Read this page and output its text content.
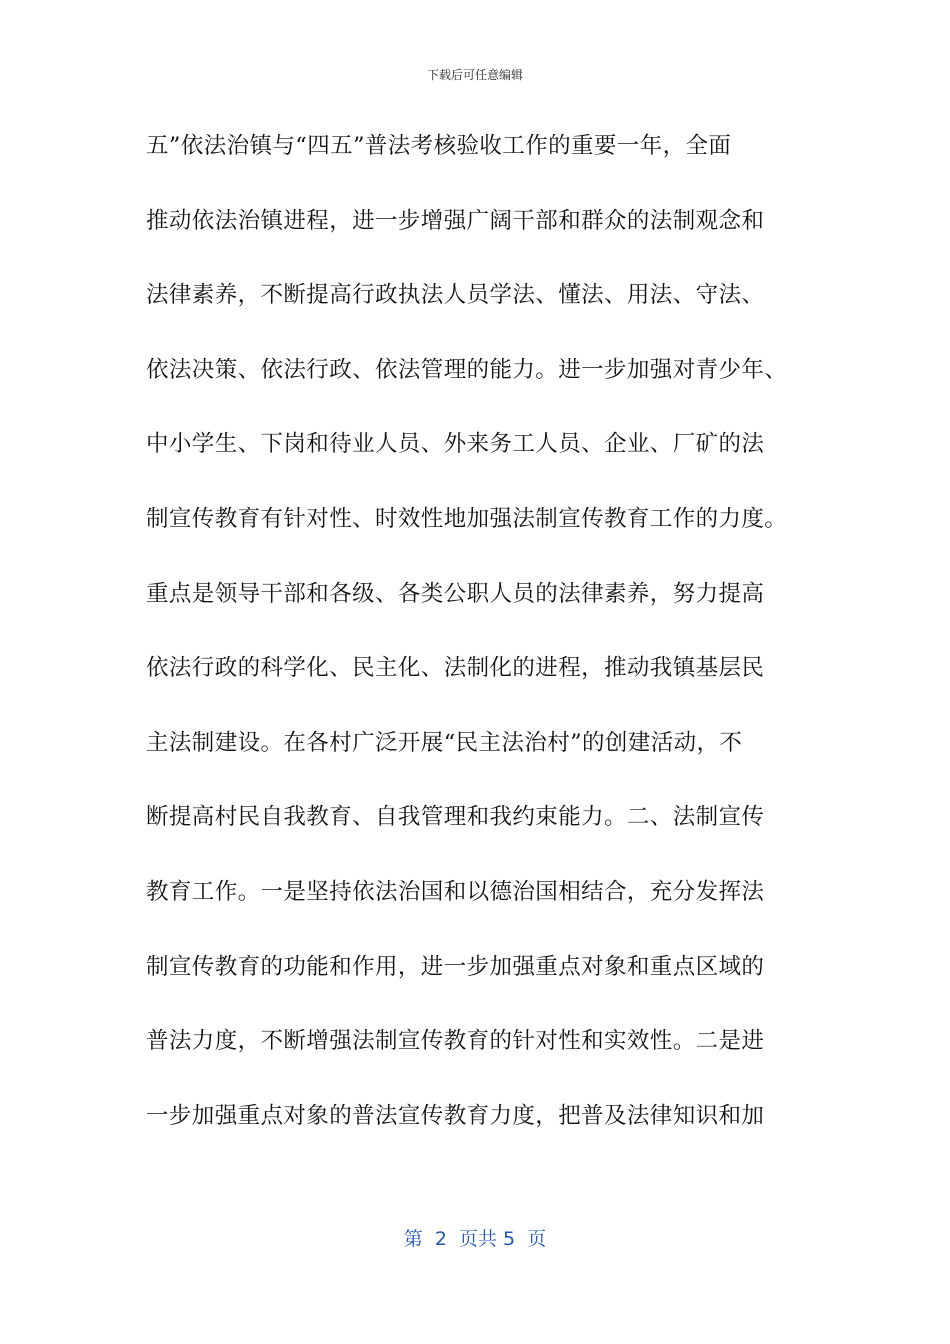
下载后可任意编辑
五”依法治镇与“四五”普法考核验收工作的重要一年，全面
推动依法治镇进程，进一步增强广阔干部和群众的法制观念和
法律素养，不断提高行政执法人员学法、懂法、用法、守法、
依法决策、依法行政、依法管理的能力。进一步加强对青少年、
中小学生、下岗和待业人员、外来务工人员、企业、厂矿的法
制宣传教育有针对性、时效性地加强法制宣传教育工作的力度。
重点是领导干部和各级、各类公职人员的法律素养，努力提高
依法行政的科学化、民主化、法制化的进程，推动我镇基层民
主法制建设。在各村广泛开展“民主法治村”的创建活动，不
断提高村民自我教育、自我管理和我约束能力。二、法制宣传
教育工作。一是坚持依法治国和以德治国相结合，充分发挥法
制宣传教育的功能和作用，进一步加强重点对象和重点区域的
普法力度，不断增强法制宣传教育的针对性和实效性。二是进
一步加强重点对象的普法宣传教育力度，把普及法律知识和加
第  2  页共 5  页
